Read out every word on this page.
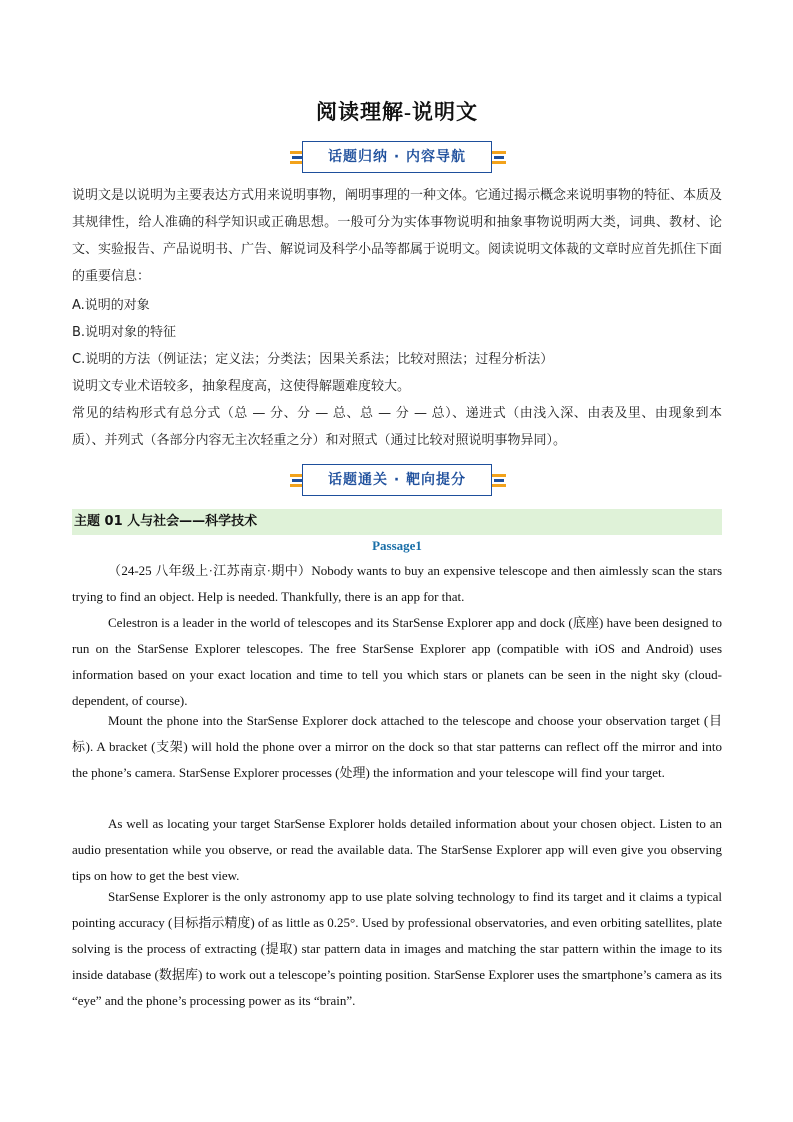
阅读理解-说明文
话题归纳 · 内容导航
说明文是以说明为主要表达方式用来说明事物，阐明事理的一种文体。它通过揭示概念来说明事物的特征、本质及其规律性，给人准确的科学知识或正确思想。一般可分为实体事物说明和抽象事物说明两大类，词典、教材、论文、实验报告、产品说明书、广告、解说词及科学小品等都属于说明文。阅读说明文体裁的文章时应首先抓住下面的重要信息：
A.说明的对象
B.说明对象的特征
C.说明的方法（例证法；定义法；分类法；因果关系法；比较对照法；过程分析法）
说明文专业术语较多，抽象程度高，这使得解题难度较大。
常见的结构形式有总分式（总 — 分、分 — 总、总 — 分 — 总）、递进式（由浅入深、由表及里、由现象到本质）、并列式（各部分内容无主次轻重之分）和对照式（通过比较对照说明事物异同）。
话题通关 · 靶向提分
主题 01 人与社会——科学技术
Passage1
（24-25 八年级上·江苏南京·期中）Nobody wants to buy an expensive telescope and then aimlessly scan the stars trying to find an object. Help is needed. Thankfully, there is an app for that.
Celestron is a leader in the world of telescopes and its StarSense Explorer app and dock (底座) have been designed to run on the StarSense Explorer telescopes. The free StarSense Explorer app (compatible with iOS and Android) uses information based on your exact location and time to tell you which stars or planets can be seen in the night sky (cloud-dependent, of course).
Mount the phone into the StarSense Explorer dock attached to the telescope and choose your observation target (目标). A bracket (支架) will hold the phone over a mirror on the dock so that star patterns can reflect off the mirror and into the phone’s camera. StarSense Explorer processes (处理) the information and your telescope will find your target.
As well as locating your target StarSense Explorer holds detailed information about your chosen object. Listen to an audio presentation while you observe, or read the available data. The StarSense Explorer app will even give you observing tips on how to get the best view.
StarSense Explorer is the only astronomy app to use plate solving technology to find its target and it claims a typical pointing accuracy (目标指示精度) of as little as 0.25°. Used by professional observatories, and even orbiting satellites, plate solving is the process of extracting (提取) star pattern data in images and matching the star pattern within the image to its inside database (数据库) to work out a telescope’s pointing position. StarSense Explorer uses the smartphone’s camera as its “eye” and the phone’s processing power as its “brain”.
